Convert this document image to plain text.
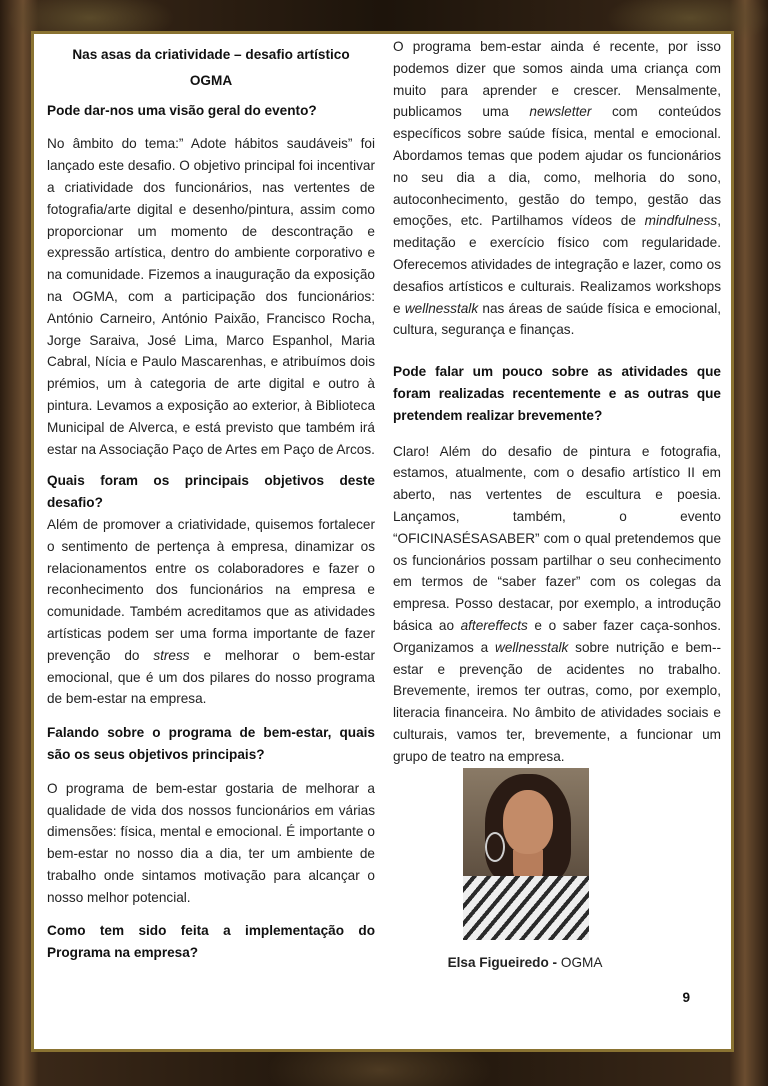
Nas asas da criatividade – desafio artístico

OGMA

Pode dar-nos uma visão geral do evento?

No âmbito do tema:” Adote hábitos saudáveis” foi lançado este desafio. O objetivo principal foi incentivar a criatividade dos funcionários, nas vertentes de fotografia/arte digital e desenho/pintura, assim como proporcionar um momento de descontração e expressão artística, dentro do ambiente corporativo e na comunidade. Fizemos a inauguração da exposição na OGMA, com a participação dos funcionários: António Carneiro, António Paixão, Francisco Rocha, Jorge Saraiva, José Lima, Marco Espanhol, Maria Cabral, Nícia e Paulo Mascarenhas, e atribuímos dois prémios, um à categoria de arte digital e outro à pintura. Levamos a exposição ao exterior, à Biblioteca Municipal de Alverca, e está previsto que também irá estar na Associação Paço de Artes em Paço de Arcos.

Quais foram os principais objetivos deste desafio?

Além de promover a criatividade, quisemos fortalecer o sentimento de pertença à empresa, dinamizar os relacionamentos entre os colaboradores e fazer o reconhecimento dos funcionários na empresa e comunidade. Também acreditamos que as atividades artísticas podem ser uma forma importante de fazer prevenção do stress e melhorar o bem-estar emocional, que é um dos pilares do nosso programa de bem-estar na empresa.

Falando sobre o programa de bem-estar, quais são os seus objetivos principais?

O programa de bem-estar gostaria de melhorar a qualidade de vida dos nossos funcionários em várias dimensões: física, mental e emocional. É importante o bem-estar no nosso dia a dia, ter um ambiente de trabalho onde sintamos motivação para alcançar o nosso melhor potencial.

Como tem sido feita a implementação do Programa na empresa?

O programa bem-estar ainda é recente, por isso podemos dizer que somos ainda uma criança com muito para aprender e crescer. Mensalmente, publicamos uma newsletter com conteúdos específicos sobre saúde física, mental e emocional. Abordamos temas que podem ajudar os funcionários no seu dia a dia, como, melhoria do sono, autoconhecimento, gestão do tempo, gestão das emoções, etc. Partilhamos vídeos de mindfulness, meditação e exercício físico com regularidade. Oferecemos atividades de integração e lazer, como os desafios artísticos e culturais. Realizamos workshops e wellnesstalk nas áreas de saúde física e emocional, cultura, segurança e finanças.

Pode falar um pouco sobre as atividades que foram realizadas recentemente e as outras que pretendem realizar brevemente?

Claro! Além do desafio de pintura e fotografia, estamos, atualmente, com o desafio artístico II em aberto, nas vertentes de escultura e poesia. Lançamos, também, o evento “OFICINASÉSASABER” com o qual pretendemos que os funcionários possam partilhar o seu conhecimento em termos de “saber fazer” com os colegas da empresa. Posso destacar, por exemplo, a introdução básica ao aftereffects e o saber fazer caça-sonhos. Organizamos a wellnesstalk sobre nutrição e bem--estar e prevenção de acidentes no trabalho. Brevemente, iremos ter outras, como, por exemplo, literacia financeira. No âmbito de atividades sociais e culturais, vamos ter, brevemente, a funcionar um grupo de teatro na empresa.

Elsa Figueiredo - OGMA
9
